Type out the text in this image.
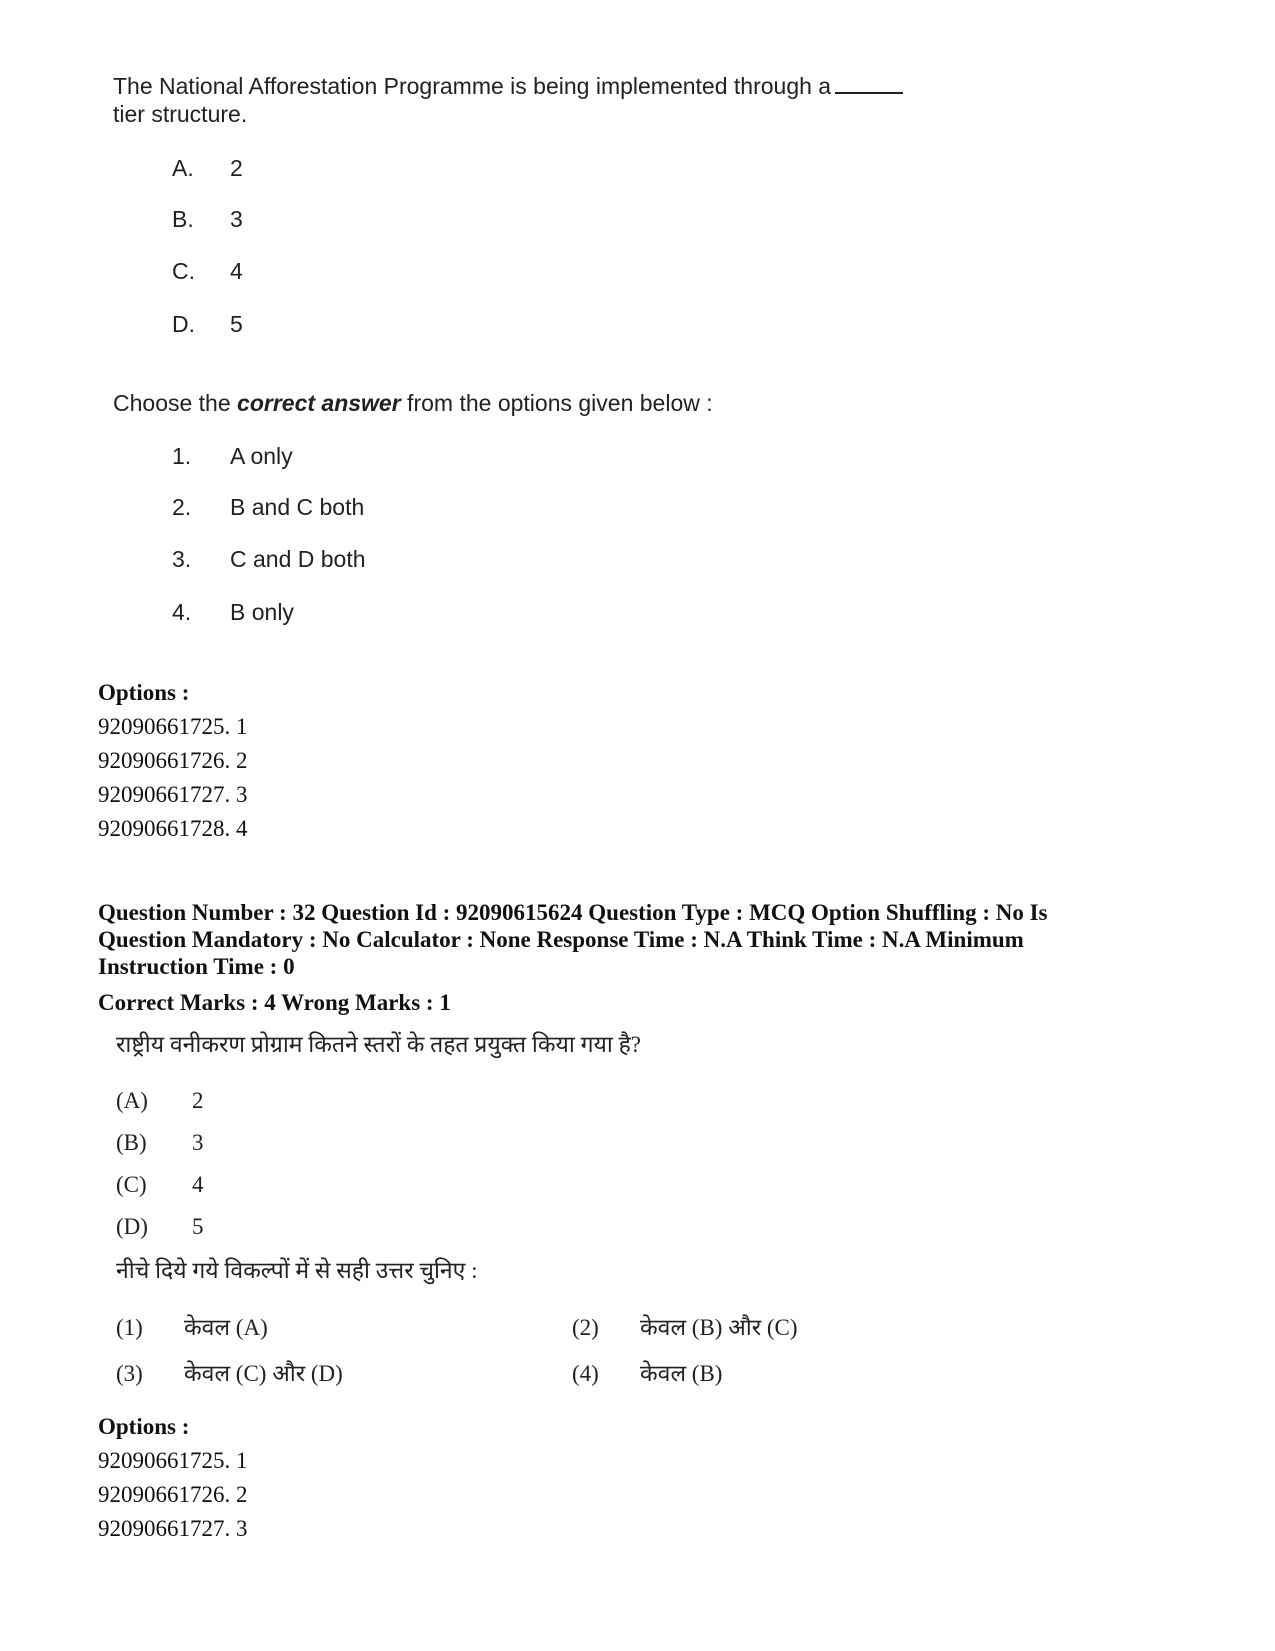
The National Afforestation Programme is being implemented through a
tier structure.
A. 2
B. 3
C. 4
D. 5
Choose the correct answer from the options given below :
1. A only
2. B and C both
3. C and D both
4. B only
Options :
92090661725. 1
92090661726. 2
92090661727. 3
92090661728. 4
Question Number : 32 Question Id : 92090615624 Question Type : MCQ Option Shuffling : No Is
Question Mandatory : No Calculator : None Response Time : N.A Think Time : N.A Minimum
Instruction Time : 0
Correct Marks : 4 Wrong Marks : 1
राष्ट्रीय वनीकरण प्रोग्राम कितने स्तरों के तहत प्रयुक्त किया गया है?
(A) 2
(B) 3
(C) 4
(D) 5
नीचे दिये गये विकल्पों में से सही उत्तर चुनिए :
(1) केवल (A)	(2) केवल (B) और (C)
(3) केवल (C) और (D)	(4) केवल (B)
Options :
92090661725. 1
92090661726. 2
92090661727. 3
